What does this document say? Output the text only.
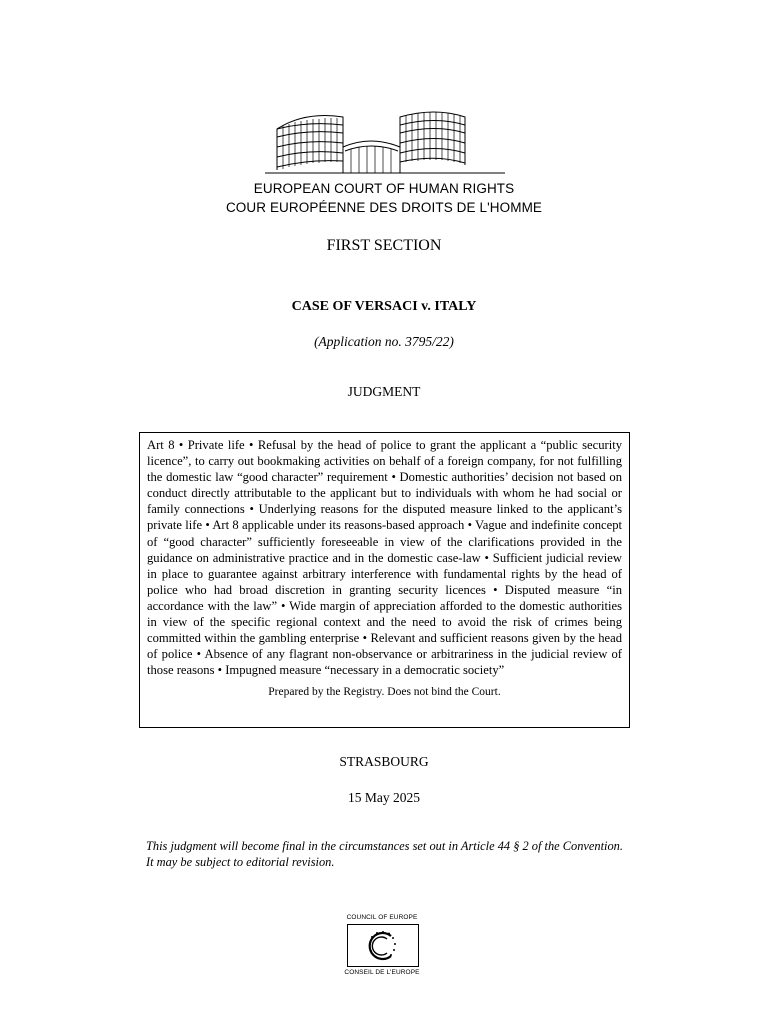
EUROPEAN COURT OF HUMAN RIGHTS
COUR EUROPÉENNE DES DROITS DE L'HOMME
FIRST SECTION
CASE OF VERSACI v. ITALY
(Application no. 3795/22)
JUDGMENT
Art 8 • Private life • Refusal by the head of police to grant the applicant a “public security licence”, to carry out bookmaking activities on behalf of a foreign company, for not fulfilling the domestic law “good character” requirement • Domestic authorities’ decision not based on conduct directly attributable to the applicant but to individuals with whom he had social or family connections • Underlying reasons for the disputed measure linked to the applicant’s private life • Art 8 applicable under its reasons-based approach • Vague and indefinite concept of “good character” sufficiently foreseeable in view of the clarifications provided in the guidance on administrative practice and in the domestic case-law • Sufficient judicial review in place to guarantee against arbitrary interference with fundamental rights by the head of police who had broad discretion in granting security licences • Disputed measure “in accordance with the law” • Wide margin of appreciation afforded to the domestic authorities in view of the specific regional context and the need to avoid the risk of crimes being committed within the gambling enterprise • Relevant and sufficient reasons given by the head of police • Absence of any flagrant non-observance or arbitrariness in the judicial review of those reasons • Impugned measure “necessary in a democratic society”
Prepared by the Registry. Does not bind the Court.
STRASBOURG
15 May 2025
This judgment will become final in the circumstances set out in Article 44 § 2 of the Convention. It may be subject to editorial revision.
COUNCIL OF EUROPE
CONSEIL DE L'EUROPE
